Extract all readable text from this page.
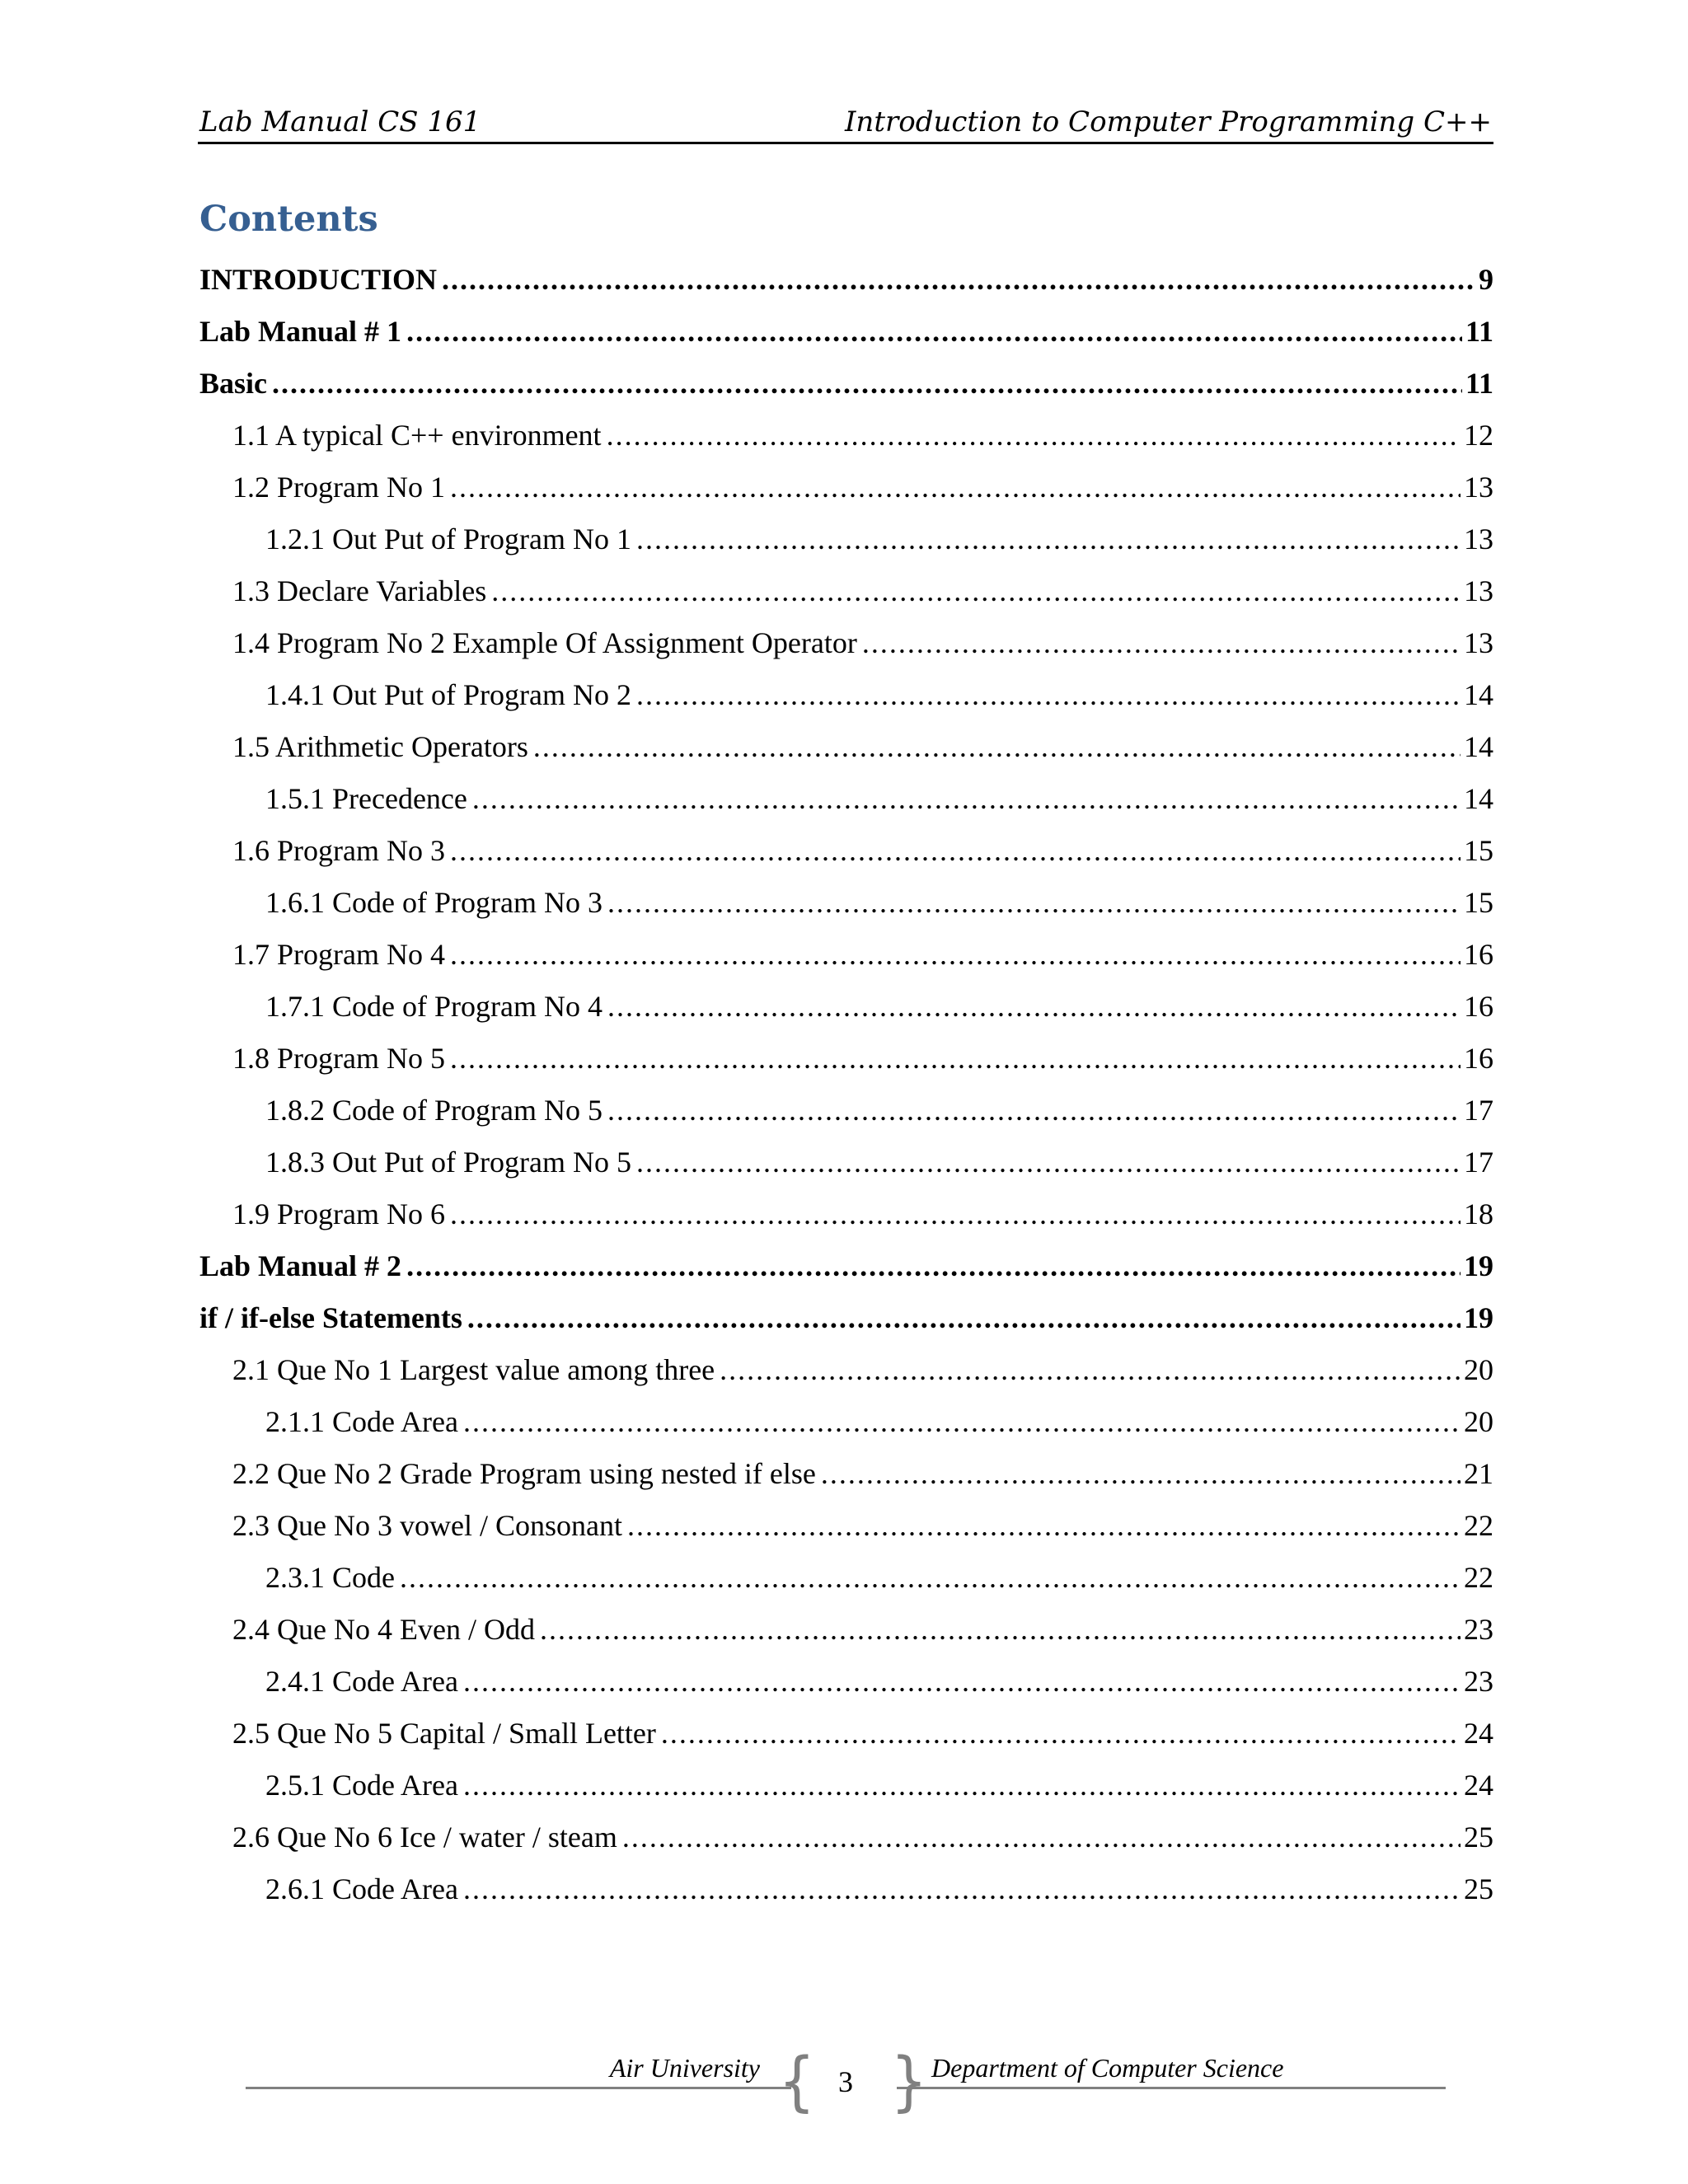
Lab Manual CS 161	Introduction to Computer Programming C++
Contents
INTRODUCTION .....	9
Lab Manual # 1 .....	11
Basic .....	11
1.1 A typical C++ environment .....	12
1.2 Program No 1 .....	13
1.2.1 Out Put of Program No 1 .....	13
1.3 Declare Variables .....	13
1.4 Program No 2 Example Of Assignment Operator .....	13
1.4.1 Out Put of Program No 2 .....	14
1.5 Arithmetic Operators .....	14
1.5.1 Precedence .....	14
1.6 Program No 3 .....	15
1.6.1 Code of Program No 3 .....	15
1.7 Program No 4 .....	16
1.7.1 Code of Program No 4 .....	16
1.8 Program No 5 .....	16
1.8.2 Code of Program No 5 .....	17
1.8.3 Out Put of Program No 5 .....	17
1.9 Program No 6 .....	18
Lab Manual # 2 .....	19
if / if-else Statements .....	19
2.1 Que No 1 Largest value among three .....	20
2.1.1 Code Area .....	20
2.2 Que No 2 Grade Program using nested if else .....	21
2.3 Que No 3 vowel / Consonant .....	22
2.3.1 Code .....	22
2.4 Que No 4 Even / Odd .....	23
2.4.1 Code Area .....	23
2.5 Que No 5 Capital / Small Letter .....	24
2.5.1 Code Area .....	24
2.6 Que No 6 Ice / water / steam .....	25
2.6.1 Code Area .....	25
Air University { 3 } Department of Computer Science
